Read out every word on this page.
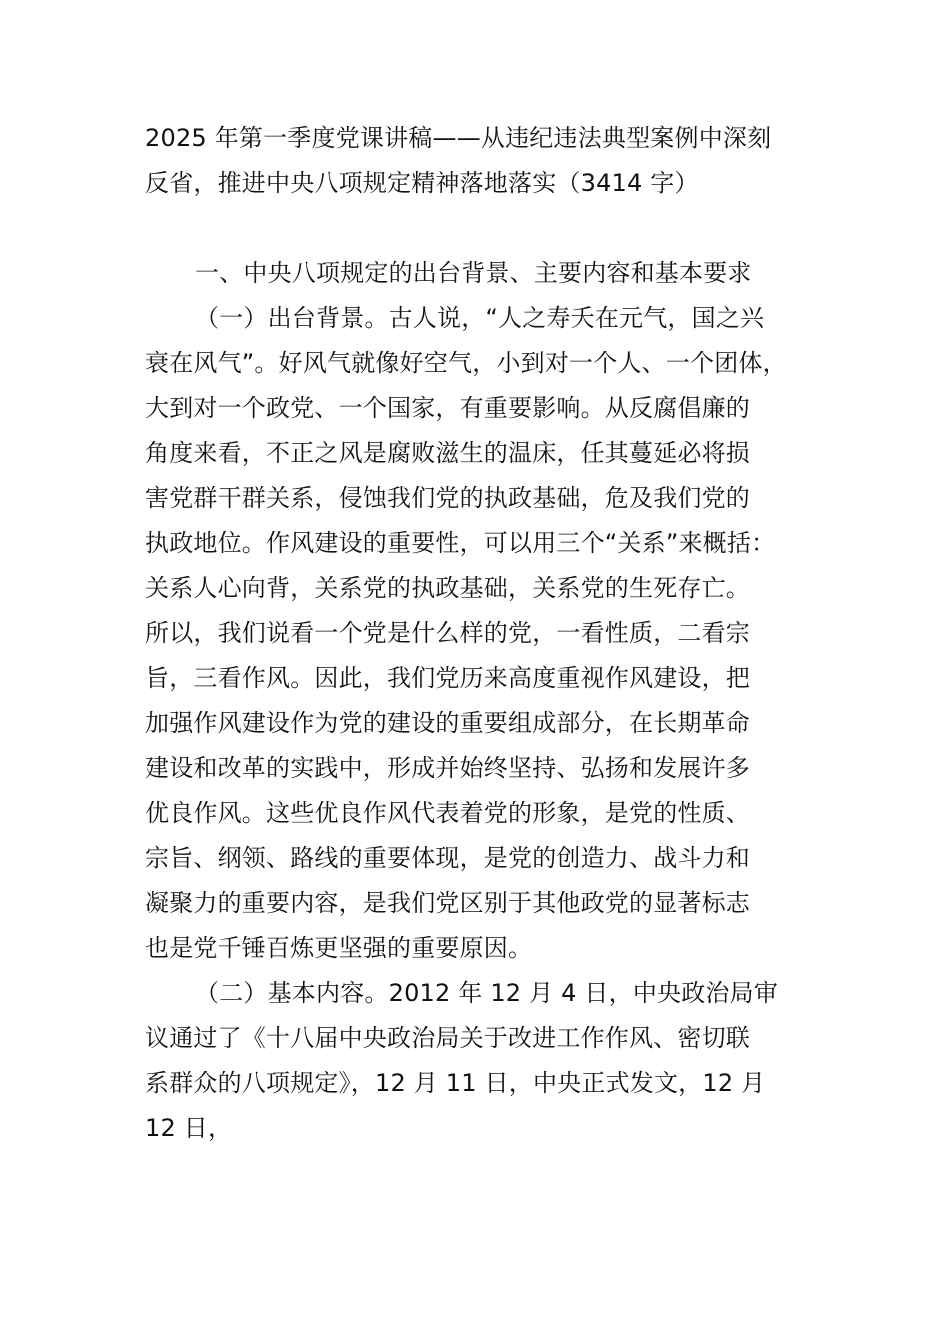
2025 年第一季度党课讲稿——从违纪违法典型案例中深刻
反省，推进中央八项规定精神落地落实（3414 字）
一、中央八项规定的出台背景、主要内容和基本要求
（一）出台背景。古人说，“人之寿夭在元气，国之兴
衰在风气”。好风气就像好空气，小到对一个人、一个团体，
大到对一个政党、一个国家，有重要影响。从反腐倡廉的
角度来看，不正之风是腐败滋生的温床，任其蔓延必将损
害党群干群关系，侵蚀我们党的执政基础，危及我们党的
执政地位。作风建设的重要性，可以用三个“关系”来概括：
关系人心向背，关系党的执政基础，关系党的生死存亡。
所以，我们说看一个党是什么样的党，一看性质，二看宗
旨，三看作风。因此，我们党历来高度重视作风建设，把
加强作风建设作为党的建设的重要组成部分，在长期革命
建设和改革的实践中，形成并始终坚持、弘扬和发展许多
优良作风。这些优良作风代表着党的形象，是党的性质、
宗旨、纲领、路线的重要体现，是党的创造力、战斗力和
凝聚力的重要内容，是我们党区别于其他政党的显著标志
也是党千锤百炼更坚强的重要原因。
（二）基本内容。2012 年 12 月 4 日，中央政治局审
议通过了《十八届中央政治局关于改进工作作风、密切联
系群众的八项规定》，12 月 11 日，中央正式发文，12 月
12 日，
